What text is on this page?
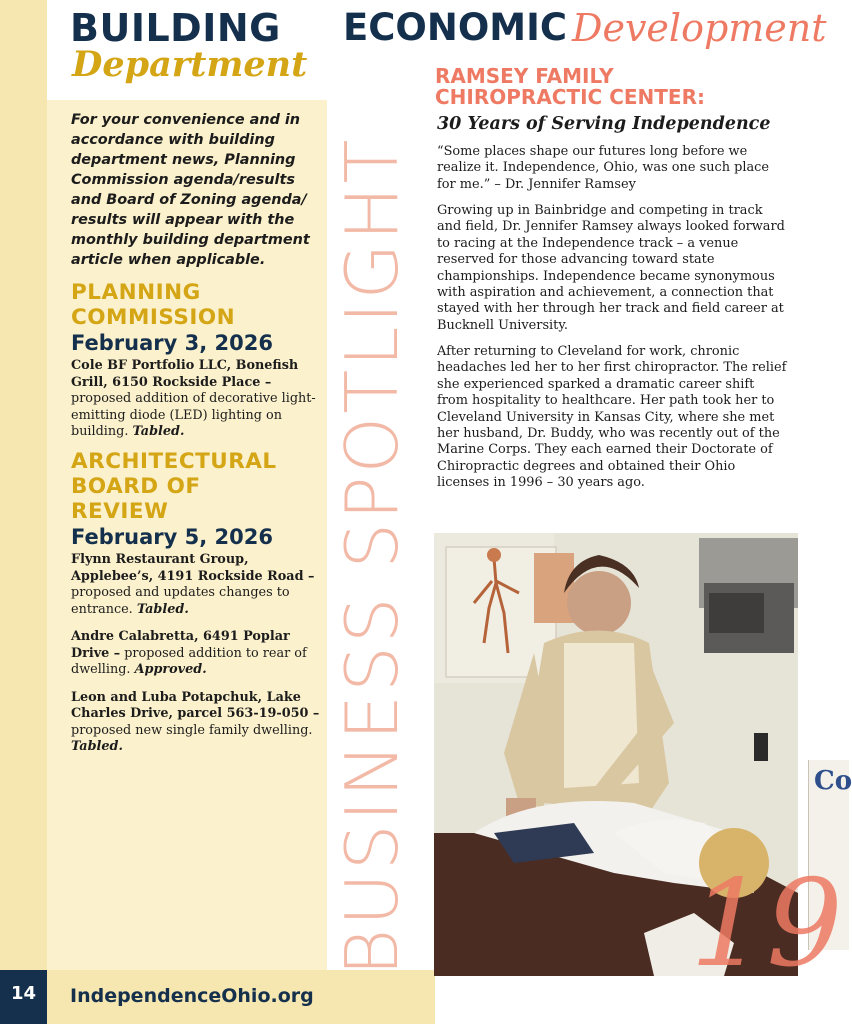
BUILDING
Department
For your convenience and in accordance with building department news, Planning Commission agenda/results and Board of Zoning agenda/ results will appear with the monthly building department article when applicable.
PLANNING
COMMISSION
February 3, 2026
Cole BF Portfolio LLC, Bonefish Grill, 6150 Rockside Place – proposed addition of decorative light-emitting diode (LED) lighting on building. Tabled.
ARCHITECTURAL
BOARD OF
REVIEW
February 5, 2026
Flynn Restaurant Group, Applebee’s, 4191 Rockside Road – proposed and updates changes to entrance. Tabled.
Andre Calabretta, 6491 Poplar Drive – proposed addition to rear of dwelling. Approved.
Leon and Luba Potapchuk, Lake Charles Drive, parcel 563-19-050 – proposed new single family dwelling. Tabled.
14	IndependenceOhio.org
ECONOMIC Development
BUSINESS SPOTLIGHT
RAMSEY FAMILY
CHIROPRACTIC CENTER:
30 Years of Serving Independence
“Some places shape our futures long before we realize it. Independence, Ohio, was one such place for me.” – Dr. Jennifer Ramsey
Growing up in Bainbridge and competing in track and field, Dr. Jennifer Ramsey always looked forward to racing at the Independence track – a venue reserved for those advancing toward state championships. Independence became synonymous with aspiration and achievement, a connection that stayed with her through her track and field career at Bucknell University.
After returning to Cleveland for work, chronic headaches led her to her first chiropractor. The relief she experienced sparked a dramatic career shift from hospitality to healthcare. Her path took her to Cleveland University in Kansas City, where she met her husband, Dr. Buddy, who was recently out of the Marine Corps. They each earned their Doctorate of Chiropractic degrees and obtained their Ohio licenses in 1996 – 30 years ago.
Co
19
